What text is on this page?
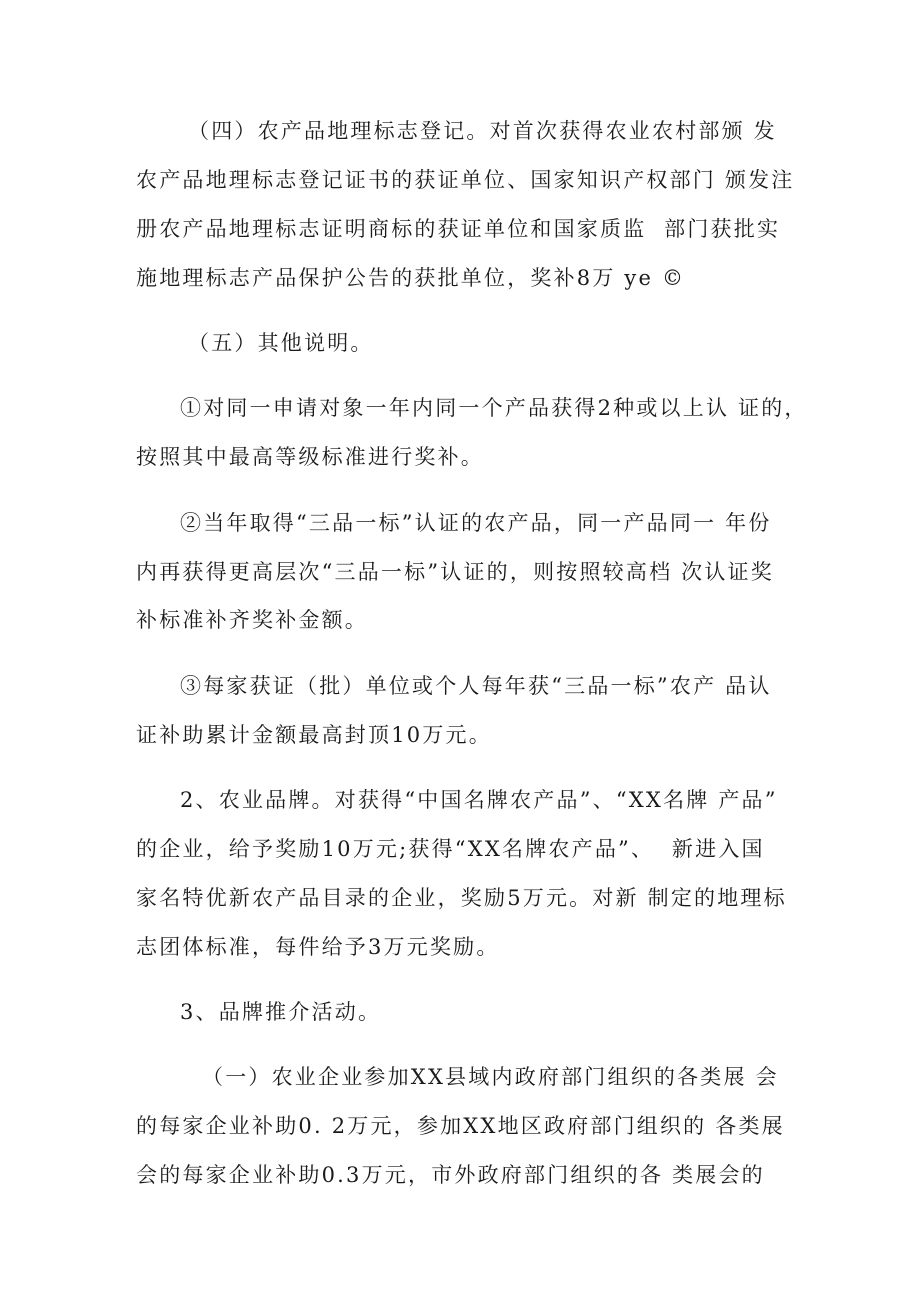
（四）农产品地理标志登记。对首次获得农业农村部颁 发
农产品地理标志登记证书的获证单位、国家知识产权部门 颁发注
册农产品地理标志证明商标的获证单位和国家质监  部门获批实
施地理标志产品保护公告的获批单位，奖补8万 ye ©
（五）其他说明。
①对同一申请对象一年内同一个产品获得2种或以上认 证的，
按照其中最高等级标准进行奖补。
②当年取得“三品一标”认证的农产品，同一产品同一 年份
内再获得更高层次“三品一标”认证的，则按照较高档 次认证奖
补标准补齐奖补金额。
③每家获证（批）单位或个人每年获“三品一标”农产 品认
证补助累计金额最高封顶10万元。
2、农业品牌。对获得“中国名牌农产品”、“XX名牌 产品”
的企业，给予奖励10万元;获得“XX名牌农产品”、  新进入国
家名特优新农产品目录的企业，奖励5万元。对新 制定的地理标
志团体标准，每件给予3万元奖励。
3、品牌推介活动。
（一）农业企业参加XX县域内政府部门组织的各类展 会
的每家企业补助0. 2万元，参加XX地区政府部门组织的 各类展
会的每家企业补助0.3万元，市外政府部门组织的各 类展会的
